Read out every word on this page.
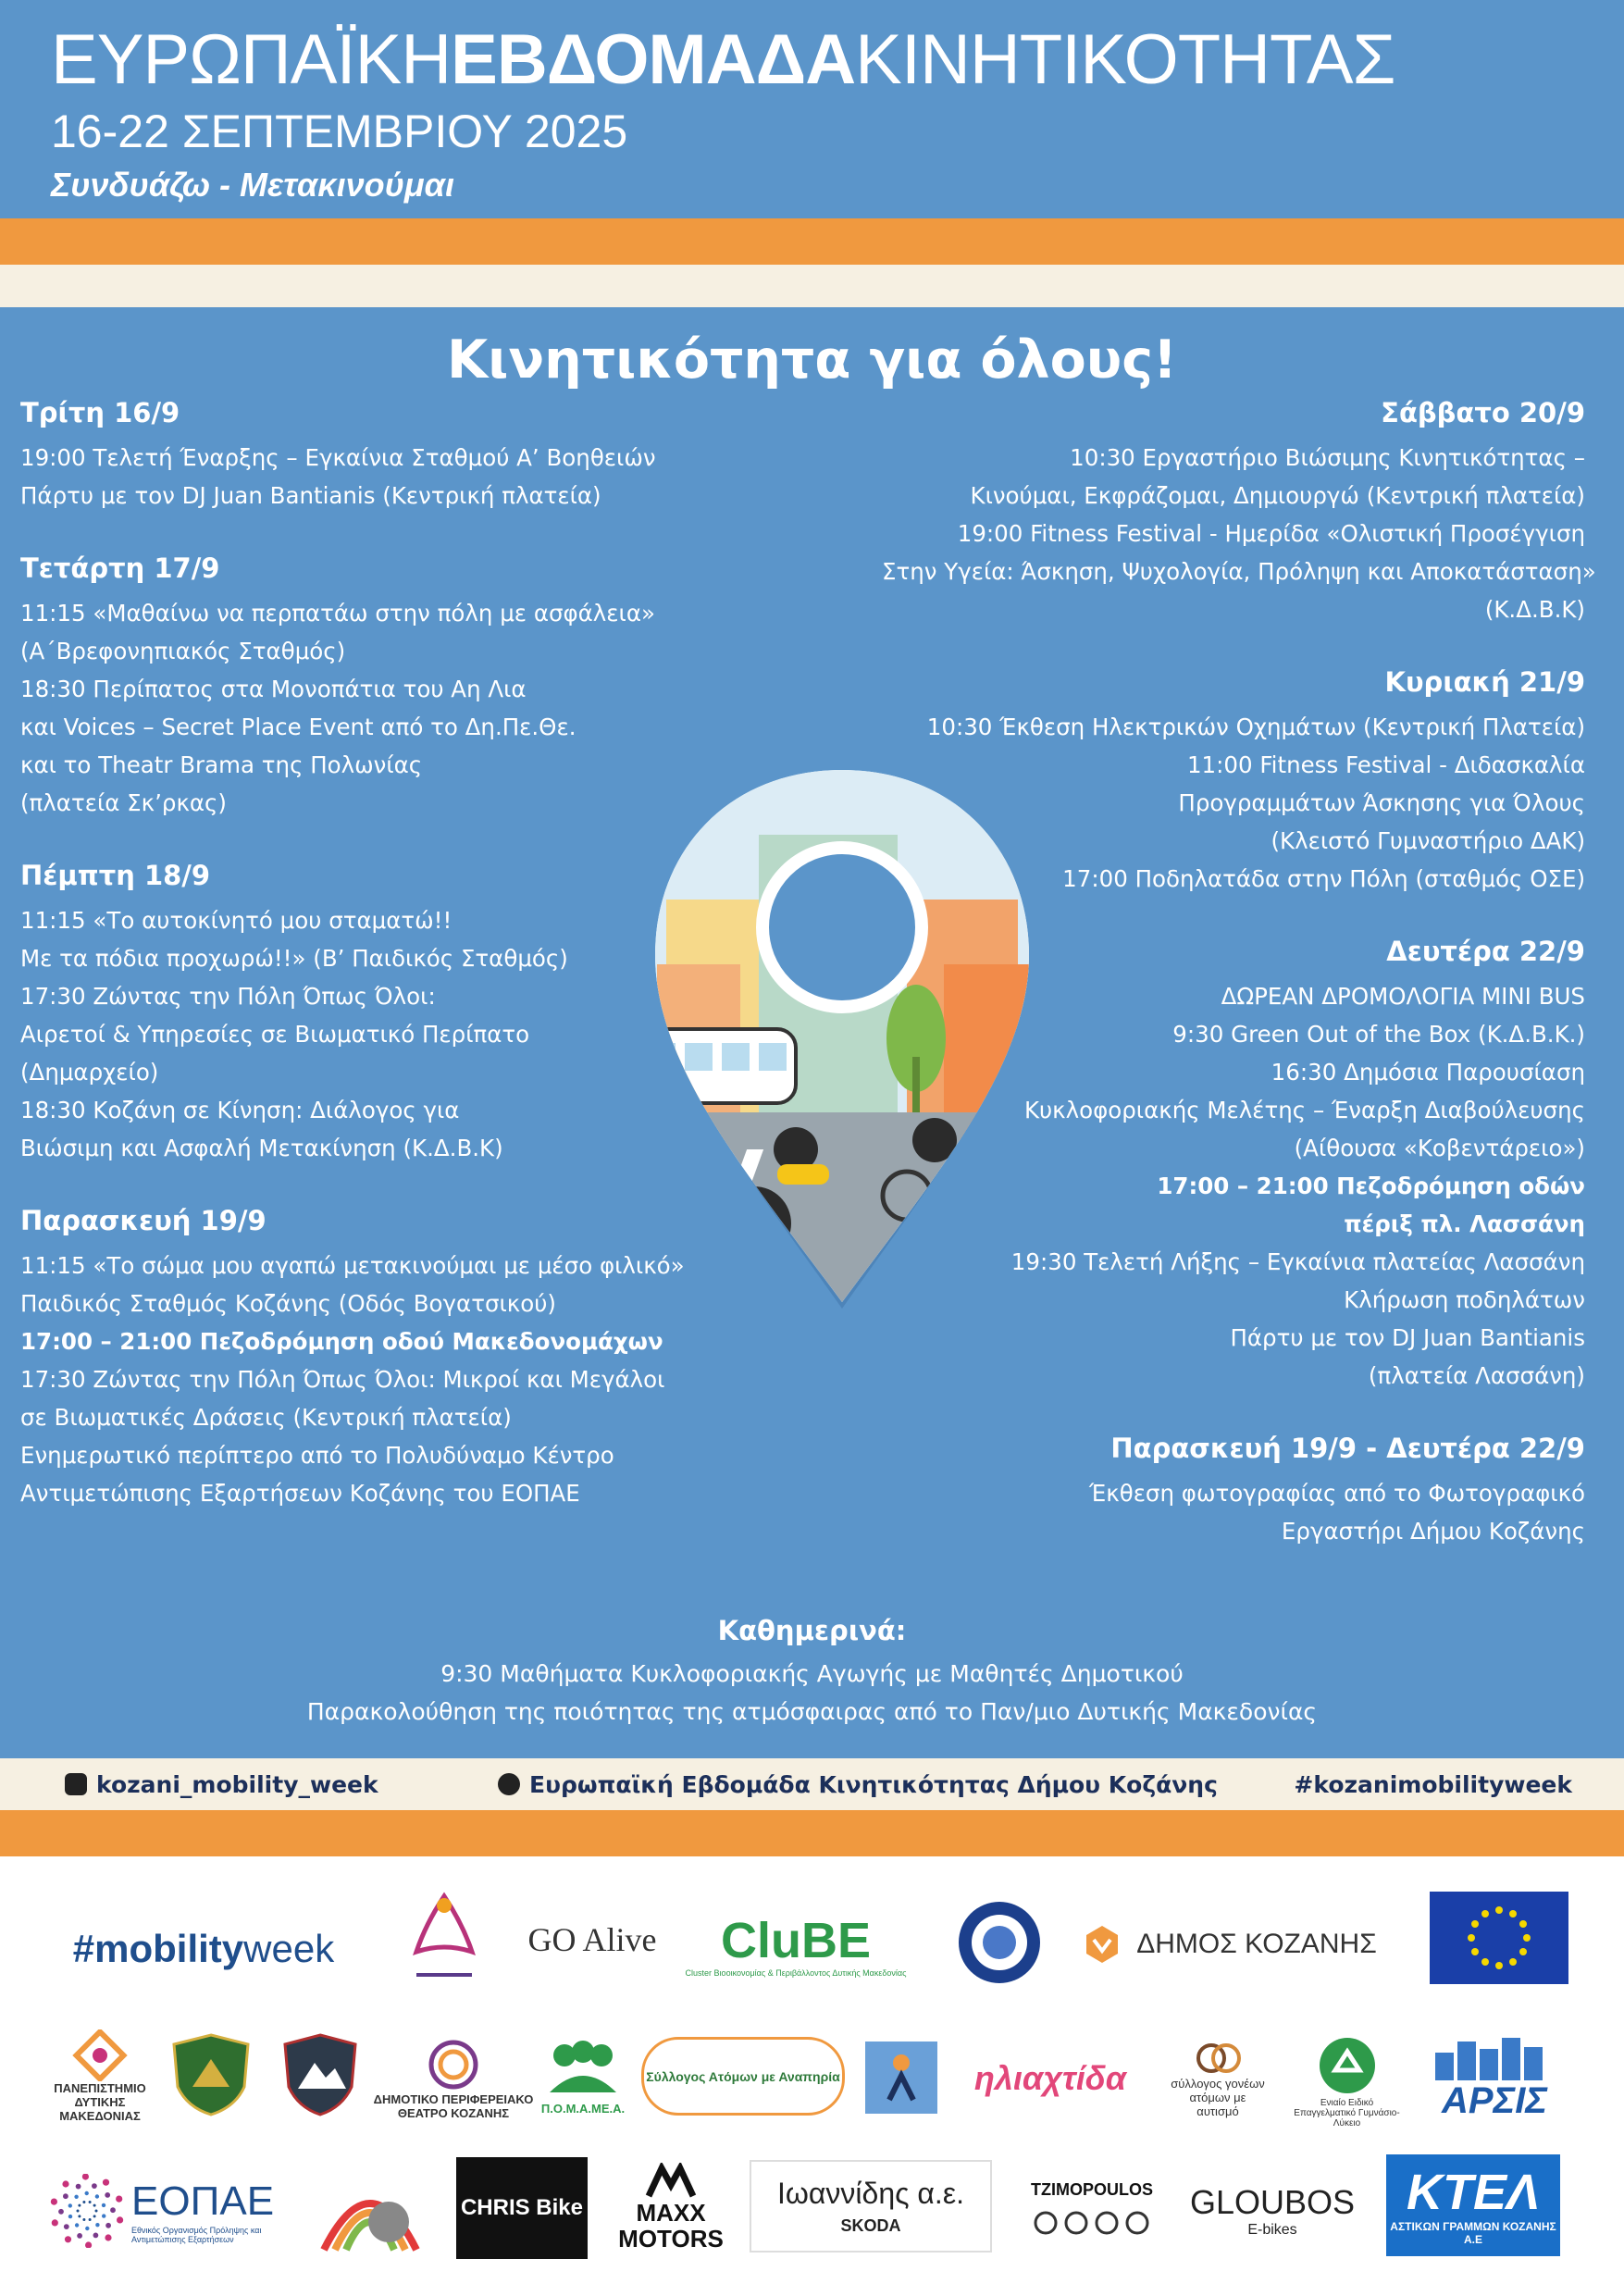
ΕΥΡΩΠΑΪΚΗΕΒΔΟΜΑΔΑΚΙΝΗΤΙΚΟΤΗΤΑΣ
16-22 ΣΕΠΤΕΜΒΡΙΟΥ 2025
Συνδυάζω - Μετακινούμαι
Κινητικότητα για όλους!
Τρίτη 16/9
19:00 Τελετή Έναρξης – Εγκαίνια Σταθμού Α’ Βοηθειών
Πάρτυ με τον DJ Juan Bantianis (Κεντρική πλατεία)
Τετάρτη 17/9
11:15 «Μαθαίνω να περπατάω στην πόλη με ασφάλεια»
(Α΄Βρεφονηπιακός Σταθμός)
18:30 Περίπατος στα Μονοπάτια του Αη Λια
και Voices – Secret Place Event από το Δη.Πε.Θε.
και το Theatr Brama της Πολωνίας
(πλατεία Σκ’ρκας)
Πέμπτη 18/9
11:15 «Το αυτοκίνητό μου σταματώ!!
Με τα πόδια προχωρώ!!» (Β’ Παιδικός Σταθμός)
17:30 Ζώντας την Πόλη Όπως Όλοι:
Αιρετοί & Υπηρεσίες σε Βιωματικό Περίπατο
(Δημαρχείο)
18:30 Κοζάνη σε Κίνηση: Διάλογος για
Βιώσιμη και Ασφαλή Μετακίνηση (Κ.Δ.Β.Κ)
Παρασκευή 19/9
11:15 «Το σώμα μου αγαπώ μετακινούμαι με μέσο φιλικό»
Παιδικός Σταθμός Κοζάνης (Οδός Βογατσικού)
17:00 – 21:00 Πεζοδρόμηση οδού Μακεδονομάχων
17:30 Ζώντας την Πόλη Όπως Όλοι: Μικροί και Μεγάλοι
σε Βιωματικές Δράσεις (Κεντρική πλατεία)
Ενημερωτικό περίπτερο από το Πολυδύναμο Κέντρο
Αντιμετώπισης Εξαρτήσεων Κοζάνης του ΕΟΠΑΕ
Σάββατο 20/9
10:30 Εργαστήριο Βιώσιμης Κινητικότητας –
Κινούμαι, Εκφράζομαι, Δημιουργώ (Κεντρική πλατεία)
19:00 Fitness Festival - Ημερίδα «Ολιστική Προσέγγιση
Στην Υγεία: Άσκηση, Ψυχολογία, Πρόληψη και Αποκατάσταση»
(Κ.Δ.Β.Κ)
Κυριακή 21/9
10:30 Έκθεση Ηλεκτρικών Οχημάτων (Κεντρική Πλατεία)
11:00 Fitness Festival - Διδασκαλία
Προγραμμάτων Άσκησης για Όλους
(Κλειστό Γυμναστήριο ΔΑΚ)
17:00 Ποδηλατάδα στην Πόλη (σταθμός ΟΣΕ)
Δευτέρα 22/9
ΔΩΡΕΑΝ ΔΡΟΜΟΛΟΓΙΑ MINI BUS
9:30 Green Out of the Box (Κ.Δ.Β.Κ.)
16:30 Δημόσια Παρουσίαση
Κυκλοφοριακής Μελέτης – Έναρξη Διαβούλευσης
(Αίθουσα «Κοβεντάρειο»)
17:00 – 21:00 Πεζοδρόμηση οδών
πέριξ πλ. Λασσάνη
19:30 Τελετή Λήξης – Εγκαίνια πλατείας Λασσάνη
Κλήρωση ποδηλάτων
Πάρτυ με τον DJ Juan Bantianis
(πλατεία Λασσάνη)
Παρασκευή 19/9 - Δευτέρα 22/9
Έκθεση φωτογραφίας από το Φωτογραφικό
Εργαστήρι Δήμου Κοζάνης
Καθημερινά:
9:30 Μαθήματα Κυκλοφοριακής Αγωγής με Μαθητές Δημοτικού
Παρακολούθηση της ποιότητας της ατμόσφαιρας από το Παν/μιο Δυτικής Μακεδονίας
kozani_mobility_week	Ευρωπαϊκή Εβδομάδα Κινητικότητας Δήμου Κοζάνης	#kozanimobilityweek
#mobility week	GO Alive CluBE
Cluster Βιοοικονομίας & Περιβάλλοντος Δυτικής Μακεδονίας
ΔΗΜΟΣ ΚΟΖΑΝΗΣ
ΠΑΝΕΠΙΣΤΗΜΙΟ ΔΥΤΙΚΗΣ ΜΑΚΕΔΟΝΙΑΣ
ΔΗΜΟΤΙΚΟ ΠΕΡΙΦΕΡΕΙΑΚΟ ΘΕΑΤΡΟ ΚΟΖΑΝΗΣ	Π.Ο.Μ.Α.ΜΕ.Α.
Σύλλογος Ατόμων με Αναπηρία	ηλιαχτίδα	σύλλογος γονέων ατόμων με αυτισμό
Ενιαίο Ειδικό Επαγγελματικό Γυμνάσιο-Λύκειο
ΑΡΣΙΣ
ΕΟΠΑΕ
Εθνικός Οργανισμός Πρόληψης και Αντιμετώπισης Εξαρτήσεων
CHRIS Bike	MAXX MOTORS
Ιωαννίδης α.ε.
SKODA
TZIMOPOULOS GLOUBOS
E-bikes
ΚΤΕΛ
ΑΣΤΙΚΩΝ ΓΡΑΜΜΩΝ ΚΟΖΑΝΗΣ Α.Ε
